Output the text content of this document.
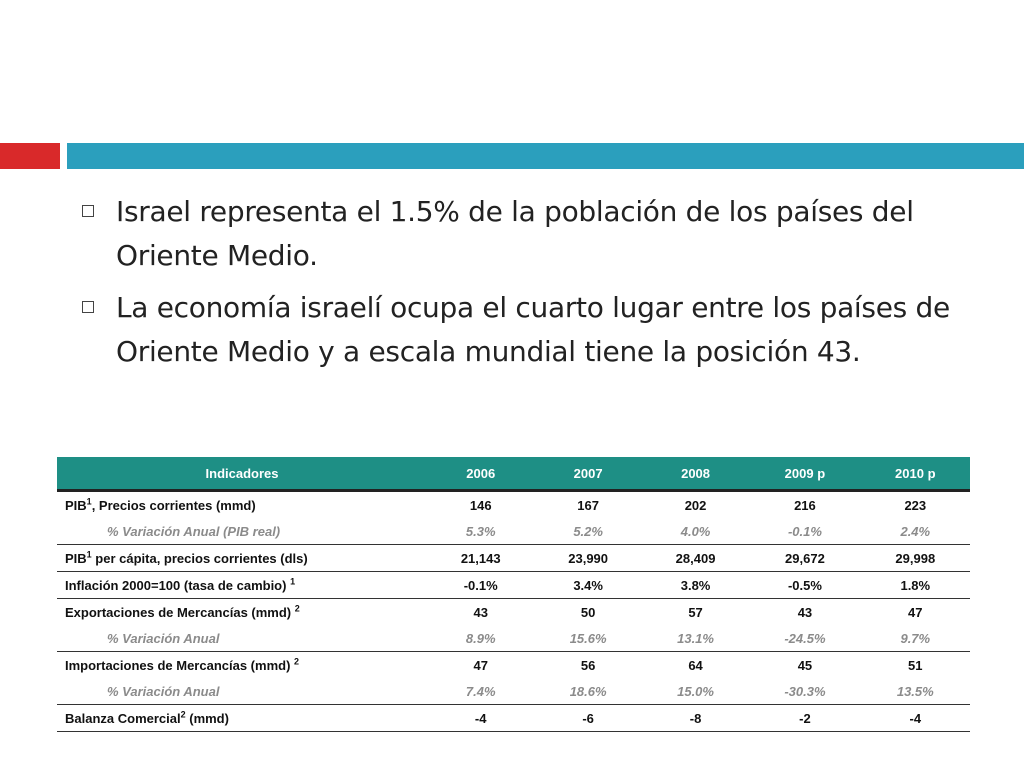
Israel representa el 1.5% de la población de los países del Oriente Medio.
La economía israelí ocupa el cuarto lugar entre los países de Oriente Medio y a escala mundial tiene la posición 43.
Indicadores	2006	2007	2008	2009 p	2010 p
PIB$^1$, Precios corrientes (mmd)	146	167	202	216	223
% Variación Anual (PIB real)	5.3%	5.2%	4.0%	-0.1%	2.4%
PIB$^1$ per cápita, precios corrientes (dls)	21,143	23,990	28,409	29,672	29,998
Inflación 2000=100 (tasa de cambio) $^1$	-0.1%	3.4%	3.8%	-0.5%	1.8%
Exportaciones de Mercancías (mmd) $^2$	43	50	57	43	47
% Variación Anual	8.9%	15.6%	13.1%	-24.5%	9.7%
Importaciones de Mercancías (mmd) $^2$	47	56	64	45	51
% Variación Anual	7.4%	18.6%	15.0%	-30.3%	13.5%
Balanza Comercial$^2$ (mmd)	-4	-6	-8	-2	-4
